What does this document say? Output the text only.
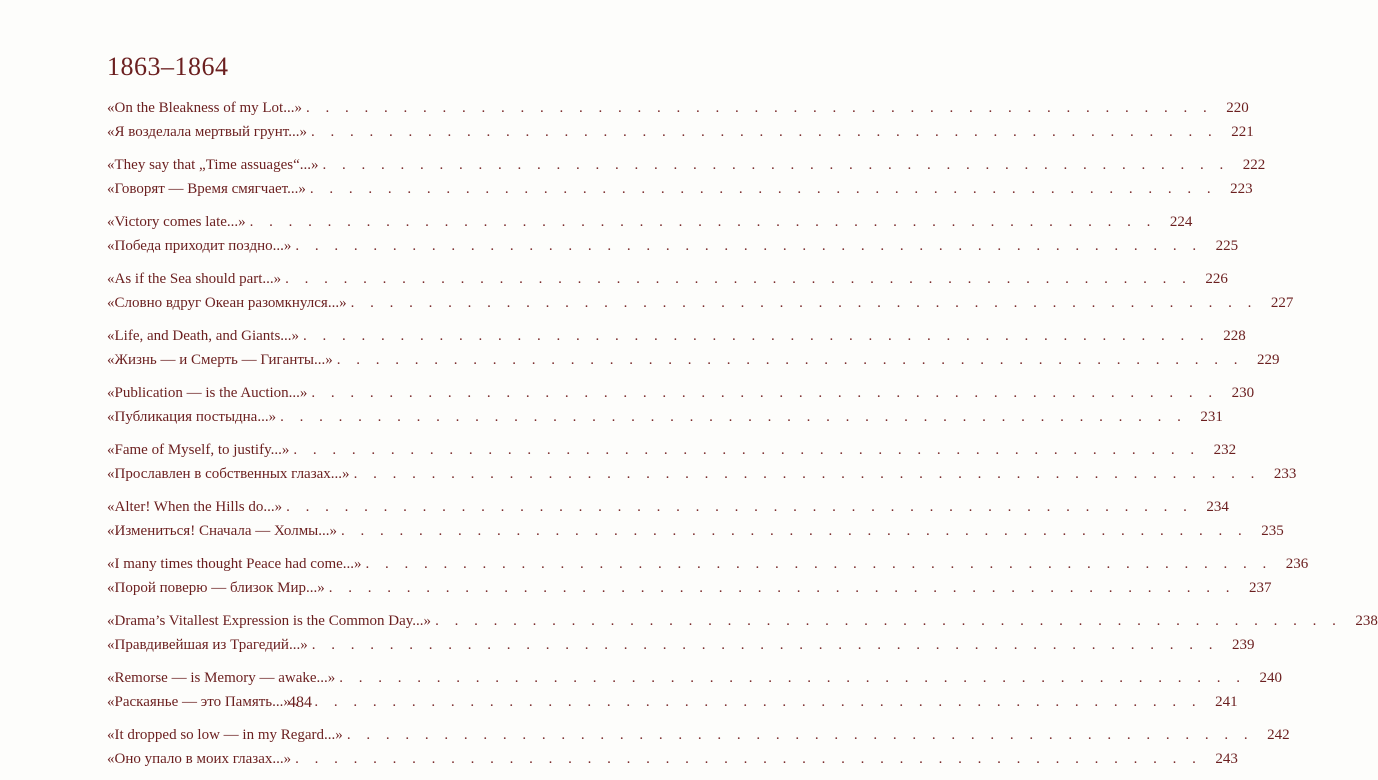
1863–1864
«On the Bleakness of my Lot...» . . .	220
«Я возделала мертвый грунт...» . . .	221
«They say that „Time assuages“...» . . .	222
«Говорят — Время смягчает...» . . .	223
«Victory comes late...» . . .	224
«Победа приходит поздно...» . . .	225
«As if the Sea should part...» . . .	226
«Словно вдруг Океан разомкнулся...» . . .	227
«Life, and Death, and Giants...» . . .	228
«Жизнь — и Смерть — Гиганты...» . . .	229
«Publication — is the Auction...» . . .	230
«Публикация постыдна...» . . .	231
«Fame of Myself, to justify...» . . .	232
«Прославлен в собственных глазах...» . . .	233
«Alter! When the Hills do...» . . .	234
«Измениться! Сначала — Холмы...» . . .	235
«I many times thought Peace had come...» . . .	236
«Порой поверю — близок Мир...» . . .	237
«Drama’s Vitallest Expression is the Common Day...» . . .	238
«Правдивейшая из Трагедий...» . . .	239
«Remorse — is Memory — awake...» . . .	240
«Раскаянье — это Память...» . . .	241
«It dropped so low — in my Regard...» . . .	242
«Оно упало в моих глазах...» . . .	243
484
